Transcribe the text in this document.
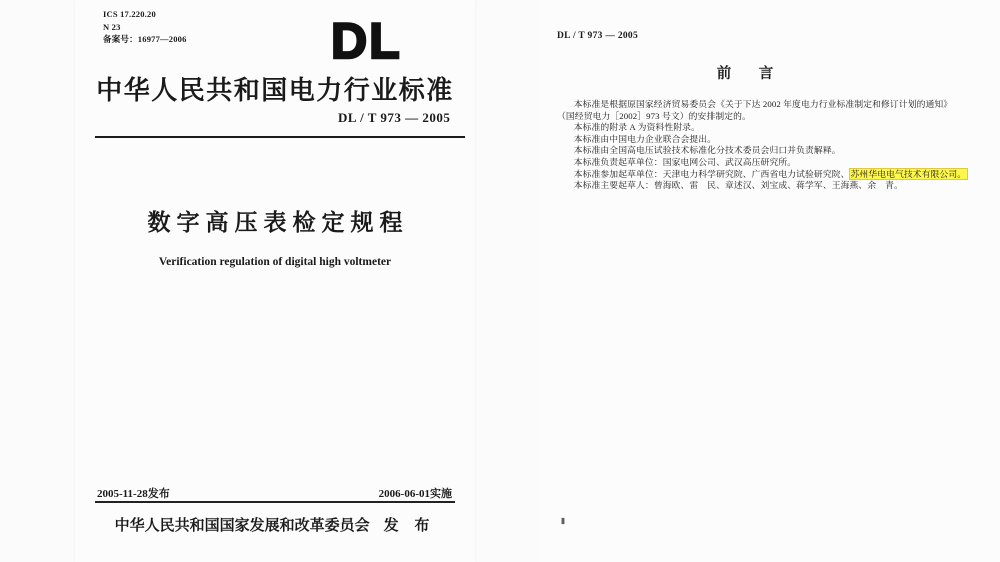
ICS 17.220.20
N 23
备案号：16977—2006	DL
中华人民共和国电力行业标准
DL / T 973 — 2005
数字高压表检定规程
Verification regulation of digital high voltmeter
2005-11-28发布	2006-06-01实施
中华人民共和国国家发展和改革委员会 发 布
DL / T 973 — 2005
前 言
本标准是根据原国家经济贸易委员会《关于下达 2002 年度电力行业标准制定和修订计划的通知》
（国经贸电力［2002］973 号文）的安排制定的。
本标准的附录 A 为资料性附录。
本标准由中国电力企业联合会提出。
本标准由全国高电压试验技术标准化分技术委员会归口并负责解释。
本标准负责起草单位：国家电网公司、武汉高压研究所。
本标准参加起草单位：天津电力科学研究院、广西省电力试验研究院、苏州华电电气技术有限公司。
本标准主要起草人：曾海欧、雷　民、章述汉、刘宝成、蒋学军、王海燕、余　青。
Ⅱ
